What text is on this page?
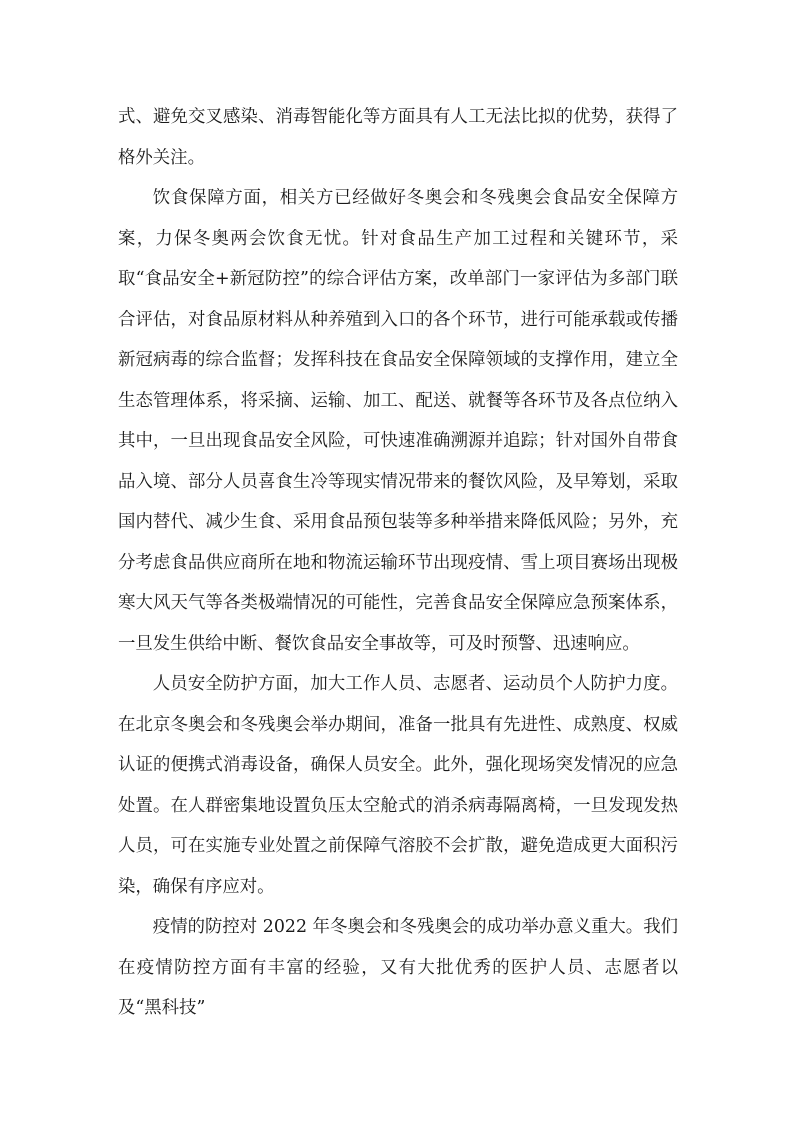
式、避免交叉感染、消毒智能化等方面具有人工无法比拟的优势，获得了格外关注。

饮食保障方面，相关方已经做好冬奥会和冬残奥会食品安全保障方案，力保冬奥两会饮食无忧。针对食品生产加工过程和关键环节，采取“食品安全+新冠防控”的综合评估方案，改单部门一家评估为多部门联合评估，对食品原材料从种养殖到入口的各个环节，进行可能承载或传播新冠病毒的综合监督；发挥科技在食品安全保障领域的支撑作用，建立全生态管理体系，将采摘、运输、加工、配送、就餐等各环节及各点位纳入其中，一旦出现食品安全风险，可快速准确溯源并追踪；针对国外自带食品入境、部分人员喜食生冷等现实情况带来的餐饮风险，及早筹划，采取国内替代、减少生食、采用食品预包装等多种举措来降低风险；另外，充分考虑食品供应商所在地和物流运输环节出现疫情、雪上项目赛场出现极寒大风天气等各类极端情况的可能性，完善食品安全保障应急预案体系，一旦发生供给中断、餐饮食品安全事故等，可及时预警、迅速响应。

人员安全防护方面，加大工作人员、志愿者、运动员个人防护力度。在北京冬奥会和冬残奥会举办期间，准备一批具有先进性、成熟度、权威认证的便携式消毒设备，确保人员安全。此外，强化现场突发情况的应急处置。在人群密集地设置负压太空舱式的消杀病毒隔离椅，一旦发现发热人员，可在实施专业处置之前保障气溶胶不会扩散，避免造成更大面积污染，确保有序应对。

疫情的防控对 2022 年冬奥会和冬残奥会的成功举办意义重大。我们在疫情防控方面有丰富的经验，又有大批优秀的医护人员、志愿者以及“黑科技”
